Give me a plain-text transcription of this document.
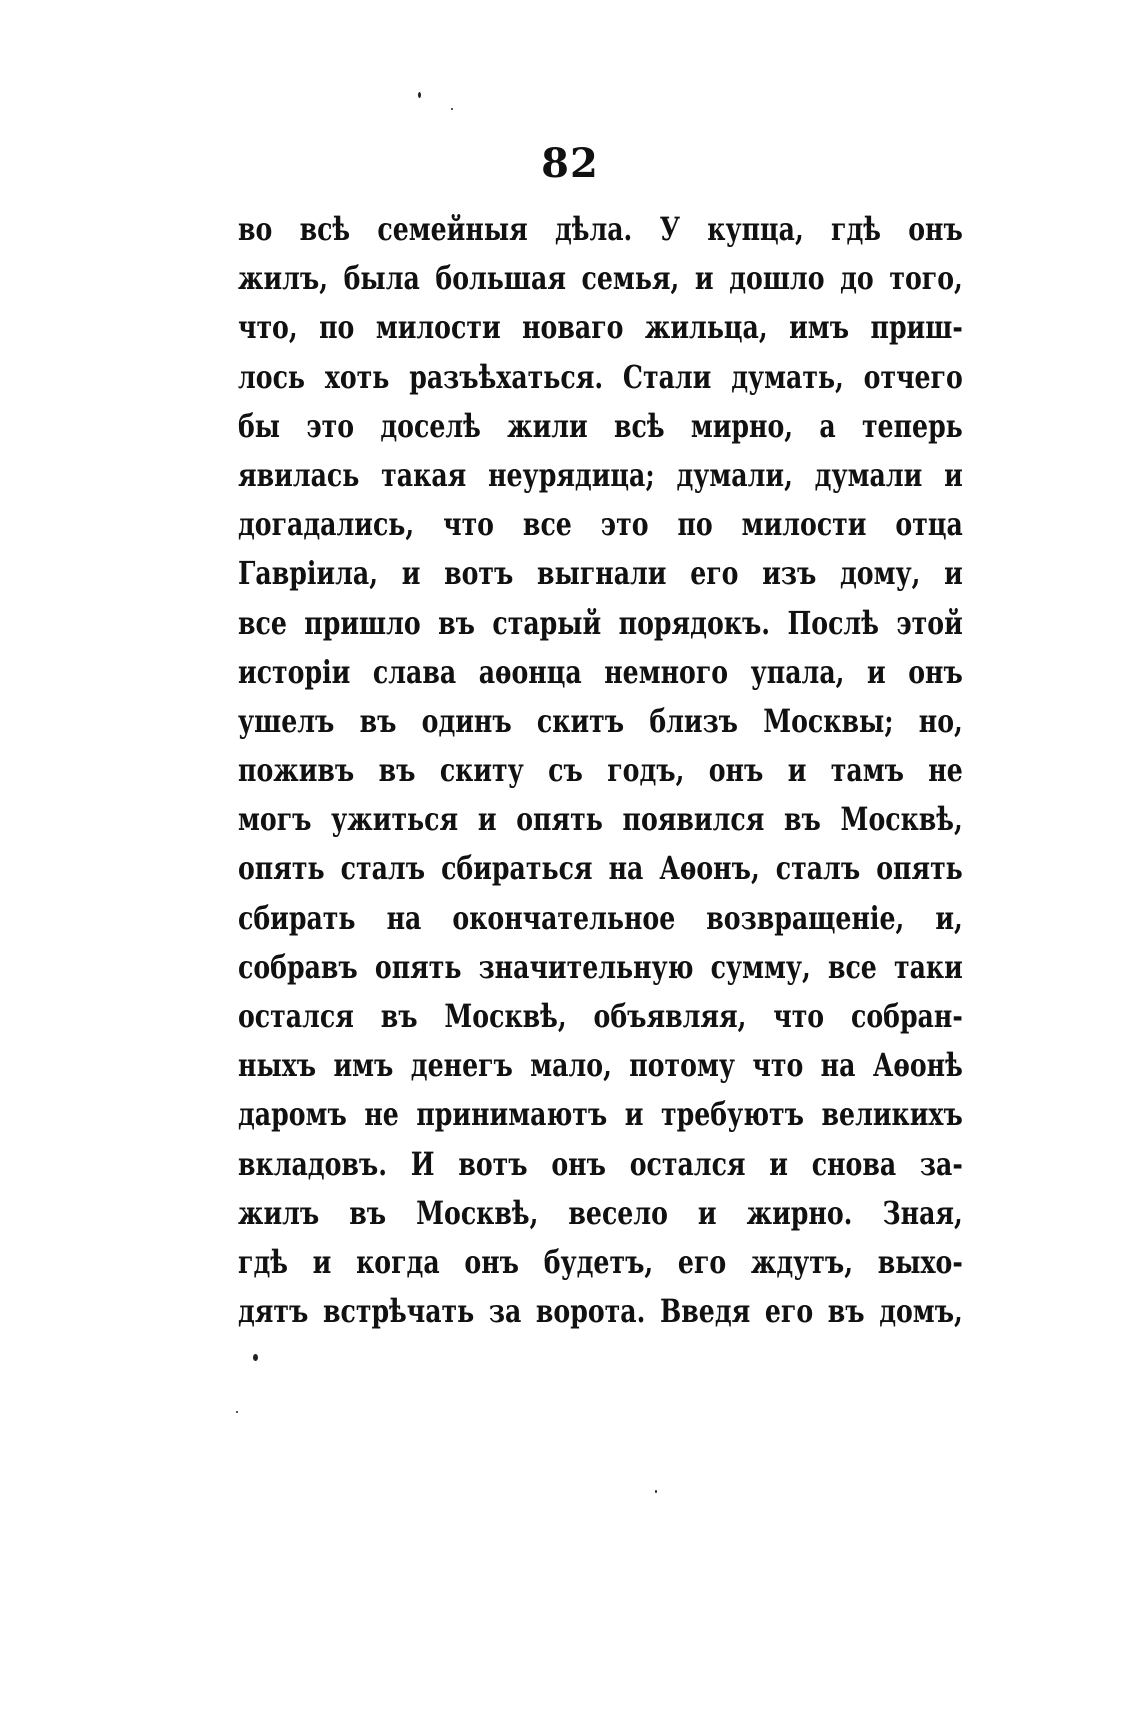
82
во всѣ семейныя дѣла. У купца, гдѣ онъ
жилъ, была большая семья, и дошло до того,
что, по милости новаго жильца, имъ приш-
лось хоть разъѣхаться. Стали думать, отчего
бы это доселѣ жили всѣ мирно, а теперь
явилась такая неурядица; думали, думали и
догадались, что все это по милости отца
Гавріила, и вотъ выгнали его изъ дому, и
все пришло въ старый порядокъ. Послѣ этой
исторіи слава аѳонца немного упала, и онъ
ушелъ въ одинъ скитъ близъ Москвы; но,
поживъ въ скиту съ годъ, онъ и тамъ не
могъ ужиться и опять появился въ Москвѣ,
опять сталъ сбираться на Аѳонъ, сталъ опять
сбирать на окончательное возвращеніе, и,
собравъ опять значительную сумму, все таки
остался въ Москвѣ, объявляя, что собран-
ныхъ имъ денегъ мало, потому что на Аѳонѣ
даромъ не принимаютъ и требуютъ великихъ
вкладовъ. И вотъ онъ остался и снова за-
жилъ въ Москвѣ, весело и жирно. Зная,
гдѣ и когда онъ будетъ, его ждутъ, выхо-
дятъ встрѣчать за ворота. Введя его въ домъ,
